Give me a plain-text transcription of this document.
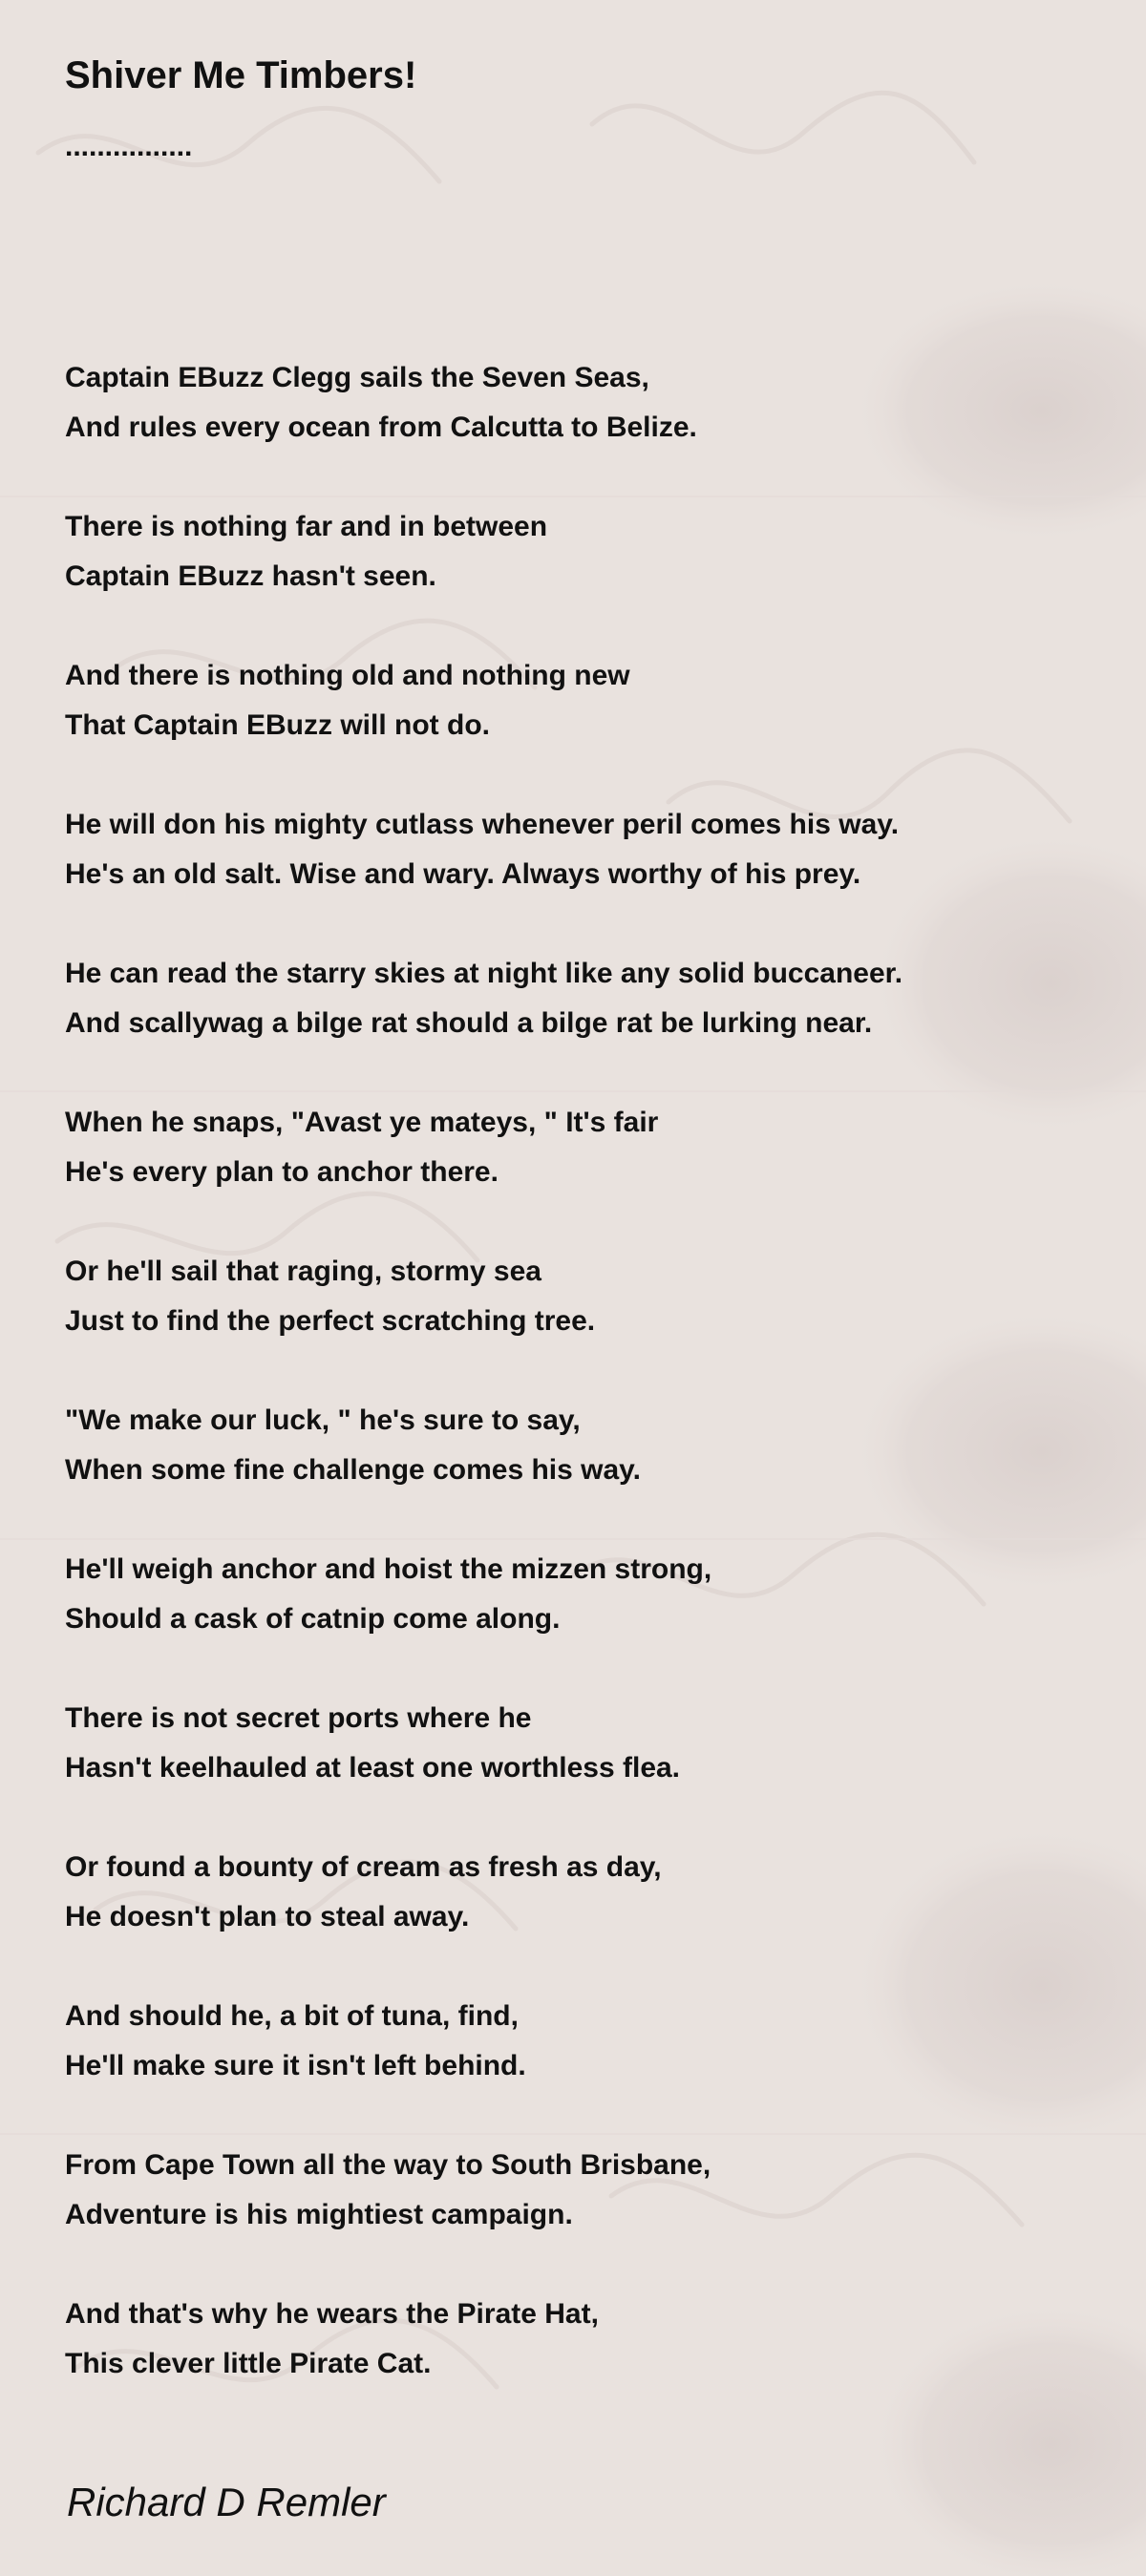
Shiver Me Timbers!
................
Captain EBuzz Clegg sails the Seven Seas,
And rules every ocean from Calcutta to Belize.
There is nothing far and in between
Captain EBuzz hasn't seen.
And there is nothing old and nothing new
That Captain EBuzz will not do.
He will don his mighty cutlass whenever peril comes his way.
He's an old salt. Wise and wary. Always worthy of his prey.
He can read the starry skies at night like any solid buccaneer.
And scallywag a bilge rat should a bilge rat be lurking near.
When he snaps, "Avast ye mateys, " It's fair
He's every plan to anchor there.
Or he'll sail that raging, stormy sea
Just to find the perfect scratching tree.
"We make our luck, " he's sure to say,
When some fine challenge comes his way.
He'll weigh anchor and hoist the mizzen strong,
Should a cask of catnip come along.
There is not secret ports where he
Hasn't keelhauled at least one worthless flea.
Or found a bounty of cream as fresh as day,
He doesn't plan to steal away.
And should he, a bit of tuna, find,
He'll make sure it isn't left behind.
From Cape Town all the way to South Brisbane,
Adventure is his mightiest campaign.
And that's why he wears the Pirate Hat,
This clever little Pirate Cat.
Richard D Remler
